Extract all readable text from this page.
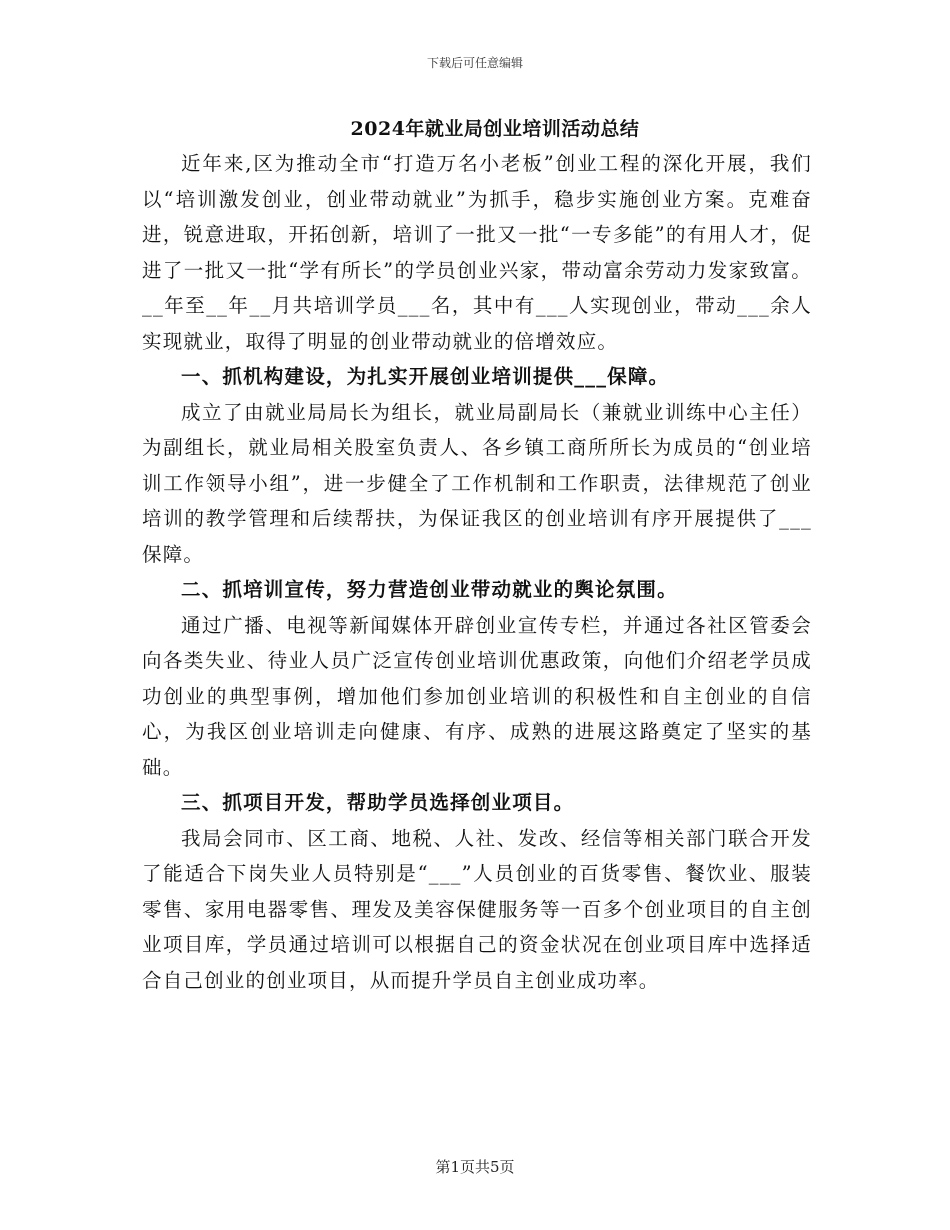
下载后可任意编辑
2024年就业局创业培训活动总结

近年来,区为推动全市“打造万名小老板”创业工程的深化开展，我们以“培训激发创业，创业带动就业”为抓手，稳步实施创业方案。克难奋进，锐意进取，开拓创新，培训了一批又一批“一专多能”的有用人才，促进了一批又一批“学有所长”的学员创业兴家，带动富余劳动力发家致富。__年至__年__月共培训学员___名，其中有___人实现创业，带动___余人实现就业，取得了明显的创业带动就业的倍增效应。

一、抓机构建设，为扎实开展创业培训提供___保障。

成立了由就业局局长为组长，就业局副局长（兼就业训练中心主任）为副组长，就业局相关股室负责人、各乡镇工商所所长为成员的“创业培训工作领导小组”，进一步健全了工作机制和工作职责，法律规范了创业培训的教学管理和后续帮扶，为保证我区的创业培训有序开展提供了___保障。

二、抓培训宣传，努力营造创业带动就业的舆论氛围。

通过广播、电视等新闻媒体开辟创业宣传专栏，并通过各社区管委会向各类失业、待业人员广泛宣传创业培训优惠政策，向他们介绍老学员成功创业的典型事例，增加他们参加创业培训的积极性和自主创业的自信心，为我区创业培训走向健康、有序、成熟的进展这路奠定了坚实的基础。

三、抓项目开发，帮助学员选择创业项目。

我局会同市、区工商、地税、人社、发改、经信等相关部门联合开发了能适合下岗失业人员特别是“___”人员创业的百货零售、餐饮业、服装零售、家用电器零售、理发及美容保健服务等一百多个创业项目的自主创业项目库，学员通过培训可以根据自己的资金状况在创业项目库中选择适合自己创业的创业项目，从而提升学员自主创业成功率。

第1页共5页
